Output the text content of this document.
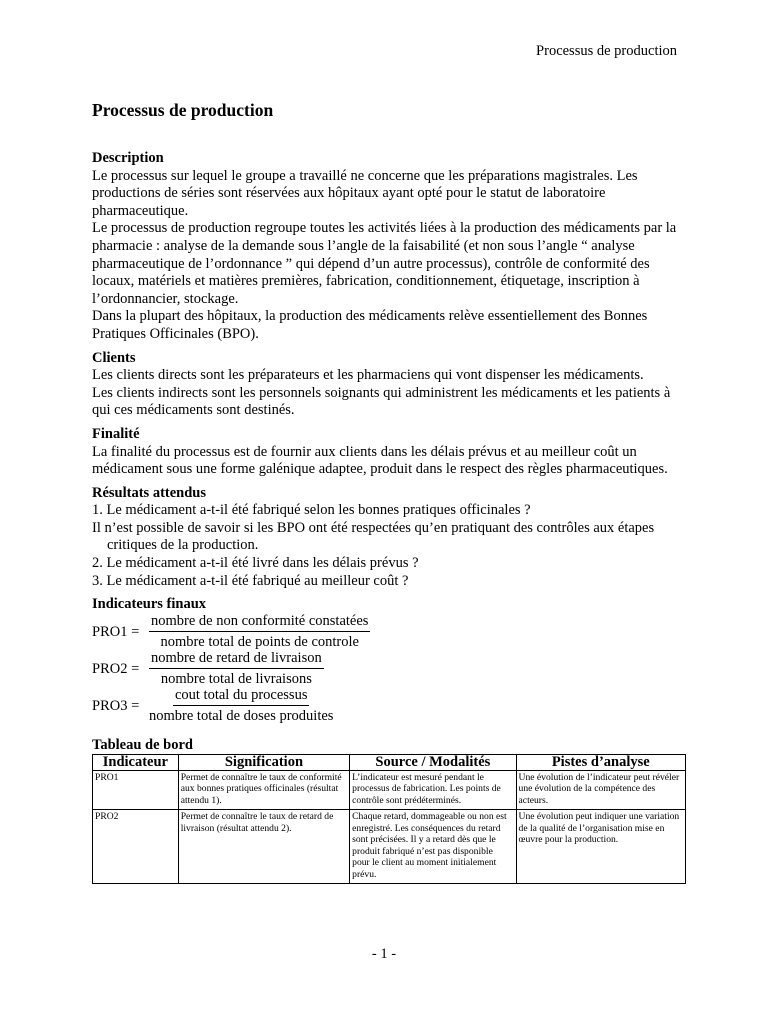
Processus de production
Processus de production
Description

Le processus sur lequel le groupe a travaillé ne concerne que les préparations magistrales. Les productions de séries sont réservées aux hôpitaux ayant opté pour le statut de laboratoire pharmaceutique.

Le processus de production regroupe toutes les activités liées à la production des médicaments par la pharmacie : analyse de la demande sous l’angle de la faisabilité (et non sous l’angle “ analyse pharmaceutique de l’ordonnance ” qui dépend d’un autre processus), contrôle de conformité des locaux, matériels et matières premières, fabrication, conditionnement, étiquetage, inscription à l’ordonnancier, stockage.

Dans la plupart des hôpitaux, la production des médicaments relève essentiellement des Bonnes Pratiques Officinales (BPO).

Clients

Les clients directs sont les préparateurs et les pharmaciens qui vont dispenser les médicaments.

Les clients indirects sont les personnels soignants qui administrent les médicaments et les patients à qui ces médicaments sont destinés.

Finalité

La finalité du processus est de fournir aux clients dans les délais prévus et au meilleur coût un médicament sous une forme galénique adaptee, produit dans le respect des règles pharmaceutiques.

Résultats attendus

1. Le médicament a-t-il été fabriqué selon les bonnes pratiques officinales ?

Il n’est possible de savoir si les BPO ont été respectées qu’en pratiquant des contrôles aux étapes critiques de la production.

2. Le médicament a-t-il été livré dans les délais prévus ?

3. Le médicament a-t-il été fabriqué au meilleur coût ?

Indicateurs finaux
$PRO1 = \frac{\text{nombre de non conformité constatées}}{\text{nombre total de points de controle}}$
$PRO2 = \frac{\text{nombre de retard de livraison}}{\text{nombre total de livraisons}}$
$PRO3 = \frac{\text{cout total du processus}}{\text{nombre total de doses produites}}$
Tableau de bord
Indicateur	Signification	Source / Modalités	Pistes d’analyse
PRO1	Permet de connaître le taux de conformité aux bonnes pratiques officinales (résultat attendu 1).	L’indicateur est mesuré pendant le processus de fabrication. Les points de contrôle sont prédéterminés.	Une évolution de l’indicateur peut révéler une évolution de la compétence des acteurs.
PRO2	Permet de connaître le taux de retard de livraison (résultat attendu 2).	Chaque retard, dommageable ou non est enregistré. Les conséquences du retard sont précisées. Il y a retard dès que le produit fabriqué n’est pas disponible pour le client au moment initialement prévu.	Une évolution peut indiquer une variation de la qualité de l’organisation mise en œuvre pour la production.
- 1 -
